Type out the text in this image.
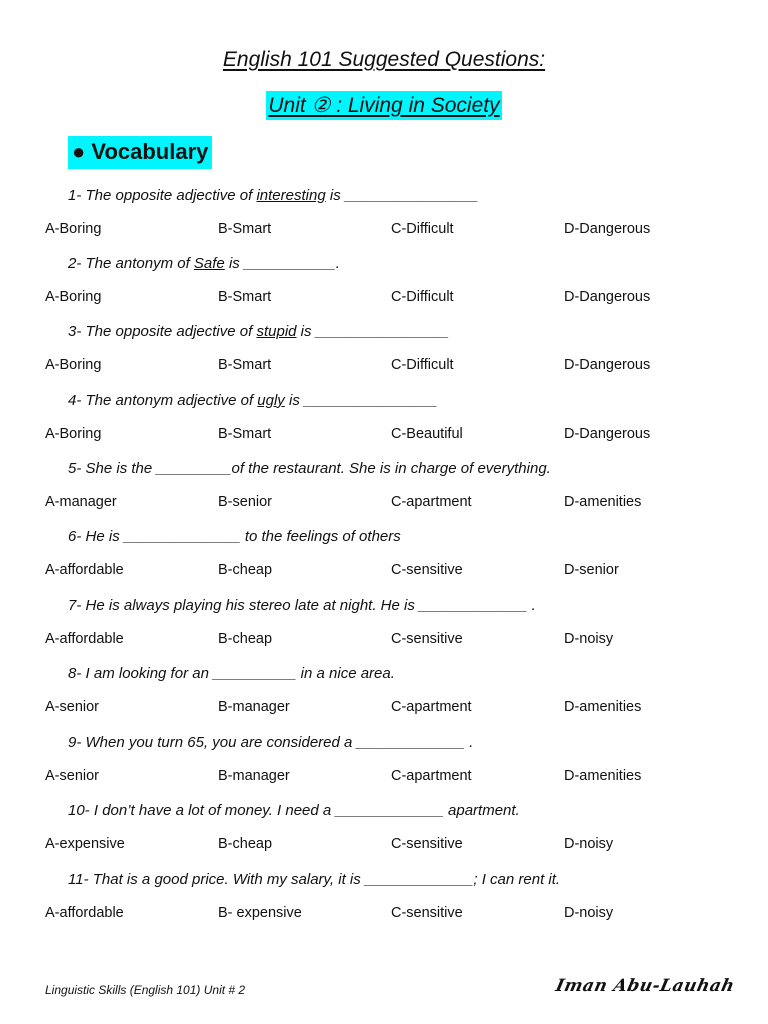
English 101 Suggested Questions:
Unit ② : Living in Society
● Vocabulary
1- The opposite adjective of interesting is ________________
A-Boring	B-Smart	C-Difficult	D-Dangerous
2- The antonym of Safe is ___________.
A-Boring	B-Smart	C-Difficult	D-Dangerous
3- The opposite adjective of stupid is ________________
A-Boring	B-Smart	C-Difficult	D-Dangerous
4- The antonym adjective of ugly is ________________
A-Boring	B-Smart	C-Beautiful	D-Dangerous
5- She is the _________of the restaurant. She is in charge of everything.
A-manager	B-senior	C-apartment	D-amenities
6- He is ______________ to the feelings of others
A-affordable	B-cheap	C-sensitive	D-senior
7- He is always playing his stereo late at night. He is _____________ .
A-affordable	B-cheap	C-sensitive	D-noisy
8- I am looking for an __________ in a nice area.
A-senior	B-manager	C-apartment	D-amenities
9- When you turn 65, you are considered a _____________ .
A-senior	B-manager	C-apartment	D-amenities
10- I don’t have a lot of money. I need a _____________ apartment.
A-expensive	B-cheap	C-sensitive	D-noisy
11- That is a good price. With my salary, it is _____________; I can rent it.
A-affordable	B- expensive	C-sensitive	D-noisy
Linguistic Skills (English 101) Unit # 2	Iman Abu-Lauhah
